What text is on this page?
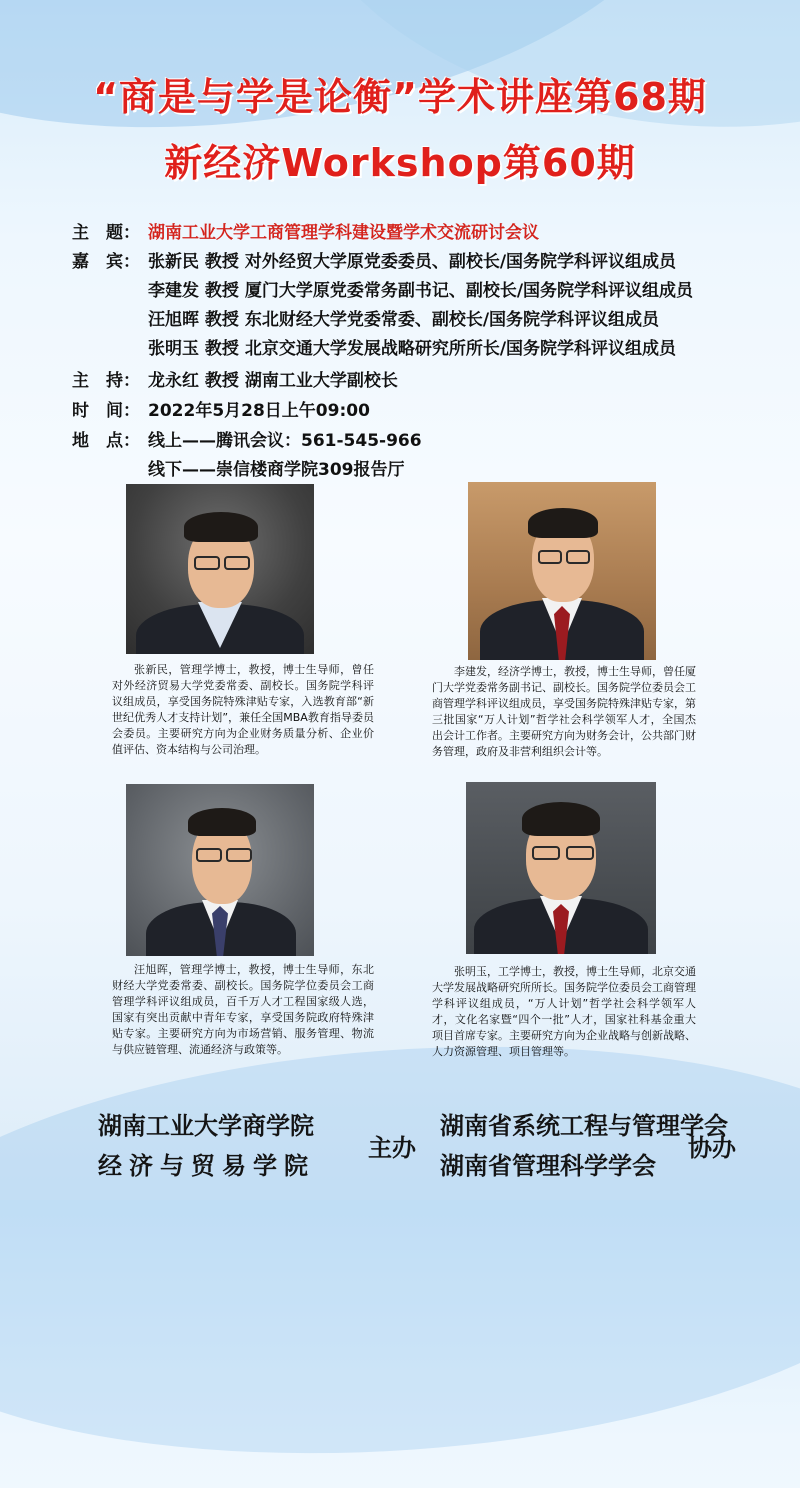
“商是与学是论衡”学术讲座第68期
新经济Workshop第60期
主　题： 湖南工业大学工商管理学科建设暨学术交流研讨会议
嘉　宾： 张新民 教授 对外经贸大学原党委委员、副校长/国务院学科评议组成员
李建发 教授 厦门大学原党委常务副书记、副校长/国务院学科评议组成员
汪旭晖 教授 东北财经大学党委常委、副校长/国务院学科评议组成员
张明玉 教授 北京交通大学发展战略研究所所长/国务院学科评议组成员
主　持： 龙永红 教授 湖南工业大学副校长
时　间： 2022年5月28日上午09:00
地　点： 线上——腾讯会议：561-545-966
线下——崇信楼商学院309报告厅
张新民，管理学博士，教授，博士生导师，曾任对外经济贸易大学党委常委、副校长。国务院学科评议组成员，享受国务院特殊津贴专家，入选教育部“新世纪优秀人才支持计划”，兼任全国MBA教育指导委员会委员。主要研究方向为企业财务质量分析、企业价值评估、资本结构与公司治理。
李建发，经济学博士，教授，博士生导师，曾任厦门大学党委常务副书记、副校长。国务院学位委员会工商管理学科评议组成员，享受国务院特殊津贴专家，第三批国家“万人计划”哲学社会科学领军人才，全国杰出会计工作者。主要研究方向为财务会计，公共部门财务管理，政府及非营利组织会计等。
汪旭晖，管理学博士，教授，博士生导师，东北财经大学党委常委、副校长。国务院学位委员会工商管理学科评议组成员，百千万人才工程国家级人选，国家有突出贡献中青年专家，享受国务院政府特殊津贴专家。主要研究方向为市场营销、服务管理、物流与供应链管理、流通经济与政策等。
张明玉，工学博士，教授，博士生导师，北京交通大学发展战略研究所所长。国务院学位委员会工商管理学科评议组成员，“万人计划”哲学社会科学领军人才，文化名家暨“四个一批”人才，国家社科基金重大项目首席专家。主要研究方向为企业战略与创新战略、人力资源管理、项目管理等。
湖南工业大学商学院
经济与贸易学院
主办
湖南省系统工程与管理学会
湖南省管理科学学会
协办
